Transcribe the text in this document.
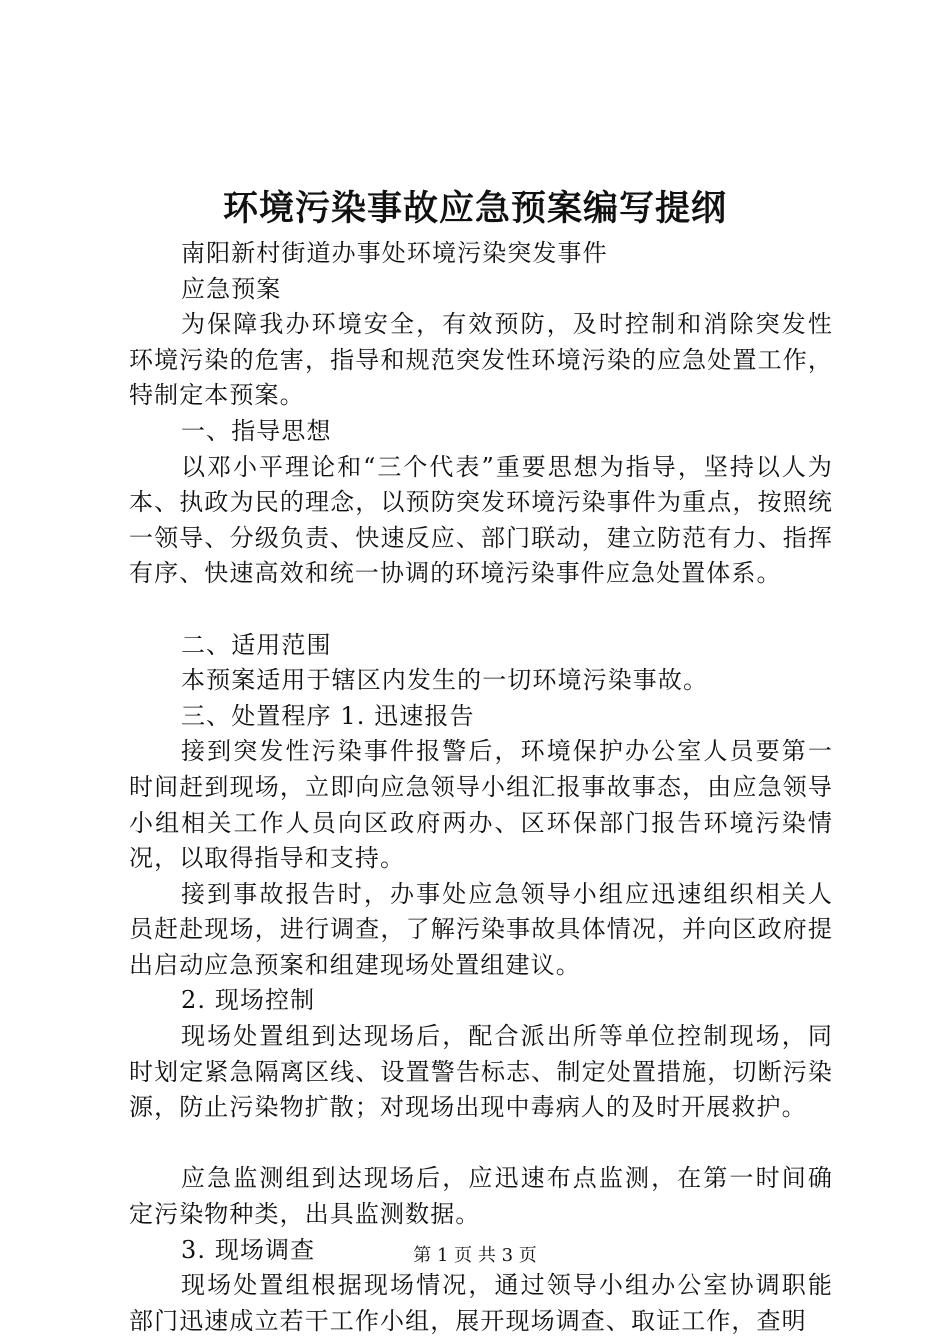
环境污染事故应急预案编写提纲

南阳新村街道办事处环境污染突发事件

应急预案

为保障我办环境安全，有效预防，及时控制和消除突发性环境污染的危害，指导和规范突发性环境污染的应急处置工作，特制定本预案。

一、指导思想

以邓小平理论和“三个代表”重要思想为指导，坚持以人为本、执政为民的理念，以预防突发环境污染事件为重点，按照统一领导、分级负责、快速反应、部门联动，建立防范有力、指挥有序、快速高效和统一协调的环境污染事件应急处置体系。

二、适用范围

本预案适用于辖区内发生的一切环境污染事故。

三、处置程序 1. 迅速报告

接到突发性污染事件报警后，环境保护办公室人员要第一时间赶到现场，立即向应急领导小组汇报事故事态，由应急领导小组相关工作人员向区政府两办、区环保部门报告环境污染情况，以取得指导和支持。

接到事故报告时，办事处应急领导小组应迅速组织相关人员赶赴现场，进行调查，了解污染事故具体情况，并向区政府提出启动应急预案和组建现场处置组建议。

2. 现场控制

现场处置组到达现场后，配合派出所等单位控制现场，同时划定紧急隔离区线、设置警告标志、制定处置措施，切断污染源，防止污染物扩散；对现场出现中毒病人的及时开展救护。

应急监测组到达现场后，应迅速布点监测，在第一时间确定污染物种类，出具监测数据。

3. 现场调查

现场处置组根据现场情况，通过领导小组办公室协调职能部门迅速成立若干工作小组，展开现场调查、取证工作，查明

第 1 页 共 3 页
